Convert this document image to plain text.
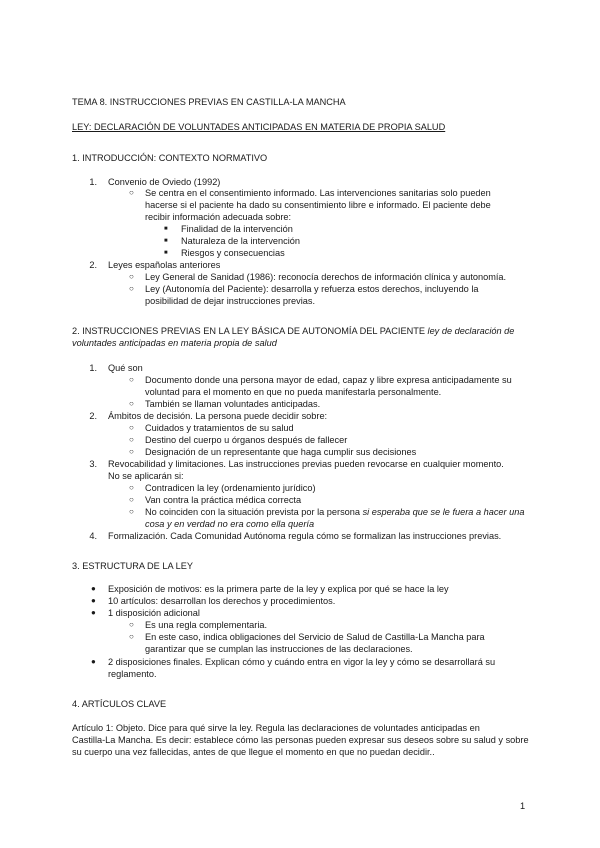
TEMA 8. INSTRUCCIONES PREVIAS EN CASTILLA-LA MANCHA
LEY: DECLARACIÓN DE VOLUNTADES ANTICIPADAS EN MATERIA DE PROPIA SALUD
1. INTRODUCCIÓN: CONTEXTO NORMATIVO
1. Convenio de Oviedo (1992)
○ Se centra en el consentimiento informado. Las intervenciones sanitarias solo pueden
hacerse si el paciente ha dado su consentimiento libre e informado. El paciente debe
recibir información adecuada sobre:
■ Finalidad de la intervención
■ Naturaleza de la intervención
■ Riesgos y consecuencias
2. Leyes españolas anteriores
○ Ley General de Sanidad (1986): reconocía derechos de información clínica y autonomía.
○ Ley (Autonomía del Paciente): desarrolla y refuerza estos derechos, incluyendo la
posibilidad de dejar instrucciones previas.
2. INSTRUCCIONES PREVIAS EN LA LEY BÁSICA DE AUTONOMÍA DEL PACIENTE ley de declaración de
voluntades anticipadas en materia propia de salud
1. Qué son
○ Documento donde una persona mayor de edad, capaz y libre expresa anticipadamente su
voluntad para el momento en que no pueda manifestarla personalmente.
○ También se llaman voluntades anticipadas.
2. Ámbitos de decisión. La persona puede decidir sobre:
○ Cuidados y tratamientos de su salud
○ Destino del cuerpo u órganos después de fallecer
○ Designación de un representante que haga cumplir sus decisiones
3. Revocabilidad y limitaciones. Las instrucciones previas pueden revocarse en cualquier momento.
No se aplicarán si:
○ Contradicen la ley (ordenamiento jurídico)
○ Van contra la práctica médica correcta
○ No coinciden con la situación prevista por la persona si esperaba que se le fuera a hacer una
cosa y en verdad no era como ella quería
4. Formalización. Cada Comunidad Autónoma regula cómo se formalizan las instrucciones previas.
3. ESTRUCTURA DE LA LEY
● Exposición de motivos: es la primera parte de la ley y explica por qué se hace la ley
● 10 artículos: desarrollan los derechos y procedimientos.
● 1 disposición adicional
○ Es una regla complementaria.
○ En este caso, indica obligaciones del Servicio de Salud de Castilla-La Mancha para
garantizar que se cumplan las instrucciones de las declaraciones.
● 2 disposiciones finales. Explican cómo y cuándo entra en vigor la ley y cómo se desarrollará su
reglamento.
4. ARTÍCULOS CLAVE
Artículo 1: Objeto. Dice para qué sirve la ley. Regula las declaraciones de voluntades anticipadas en
Castilla-La Mancha. Es decir: establece cómo las personas pueden expresar sus deseos sobre su salud y sobre
su cuerpo una vez fallecidas, antes de que llegue el momento en que no puedan decidir..
1
